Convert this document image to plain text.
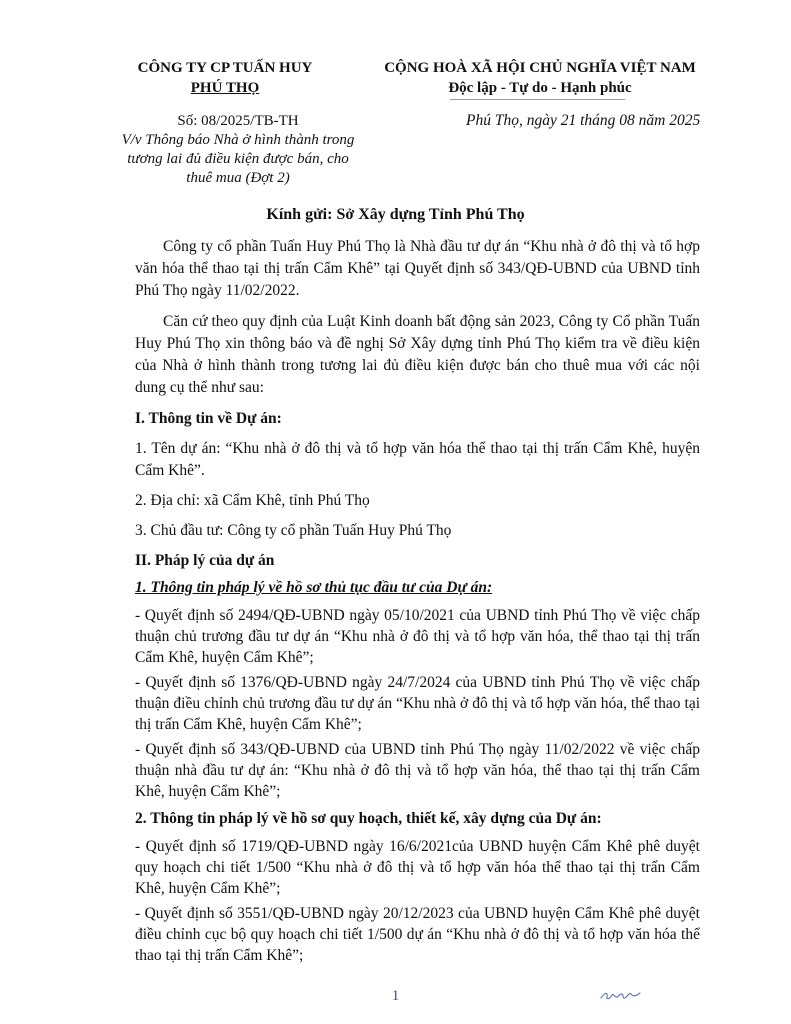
CÔNG TY CP TUẤN HUY
PHÚ THỌ
CỘNG HOÀ XÃ HỘI CHỦ NGHĨA VIỆT NAM
Độc lập - Tự do - Hạnh phúc
Số: 08/2025/TB-TH
V/v Thông báo Nhà ở hình thành trong
tương lai đủ điều kiện được bán, cho
thuê mua (Đợt 2)
Phú Thọ, ngày 21 tháng 08 năm 2025
Kính gửi: Sở Xây dựng Tỉnh Phú Thọ

Công ty cổ phần Tuấn Huy Phú Thọ là Nhà đầu tư dự án “Khu nhà ở đô thị và tổ hợp văn hóa thể thao tại thị trấn Cẩm Khê” tại Quyết định số 343/QĐ-UBND của UBND tỉnh Phú Thọ ngày 11/02/2022.

Căn cứ theo quy định của Luật Kinh doanh bất động sản 2023, Công ty Cổ phần Tuấn Huy Phú Thọ xin thông báo và đề nghị Sở Xây dựng tỉnh Phú Thọ kiểm tra về điều kiện của Nhà ở hình thành trong tương lai đủ điều kiện được bán cho thuê mua với các nội dung cụ thể như sau:

I. Thông tin về Dự án:

1. Tên dự án: “Khu nhà ở đô thị và tổ hợp văn hóa thể thao tại thị trấn Cẩm Khê, huyện Cẩm Khê”.

2. Địa chỉ: xã Cẩm Khê, tỉnh Phú Thọ

3. Chủ đầu tư: Công ty cổ phần Tuấn Huy Phú Thọ

II. Pháp lý của dự án

1. Thông tin pháp lý về hồ sơ thủ tục đầu tư của Dự án:

- Quyết định số 2494/QĐ-UBND ngày 05/10/2021 của UBND tỉnh Phú Thọ về việc chấp thuận chủ trương đầu tư dự án “Khu nhà ở đô thị và tổ hợp văn hóa, thể thao tại thị trấn Cẩm Khê, huyện Cẩm Khê”;

- Quyết định số 1376/QĐ-UBND ngày 24/7/2024 của UBND tỉnh Phú Thọ về việc chấp thuận điều chỉnh chủ trương đầu tư dự án “Khu nhà ở đô thị và tổ hợp văn hóa, thể thao tại thị trấn Cẩm Khê, huyện Cẩm Khê”;

- Quyết định số 343/QĐ-UBND của UBND tỉnh Phú Thọ ngày 11/02/2022 về việc chấp thuận nhà đầu tư dự án: “Khu nhà ở đô thị và tổ hợp văn hóa, thể thao tại thị trấn Cẩm Khê, huyện Cẩm Khê”;

2. Thông tin pháp lý về hồ sơ quy hoạch, thiết kế, xây dựng của Dự án:

- Quyết định số 1719/QĐ-UBND ngày 16/6/2021của UBND huyện Cẩm Khê phê duyệt quy hoạch chi tiết 1/500 “Khu nhà ở đô thị và tổ hợp văn hóa thể thao tại thị trấn Cẩm Khê, huyện Cẩm Khê”;

- Quyết định số 3551/QĐ-UBND ngày 20/12/2023 của UBND huyện Cẩm Khê phê duyệt điều chỉnh cục bộ quy hoạch chi tiết 1/500 dự án “Khu nhà ở đô thị và tổ hợp văn hóa thể thao tại thị trấn Cẩm Khê”;

1
